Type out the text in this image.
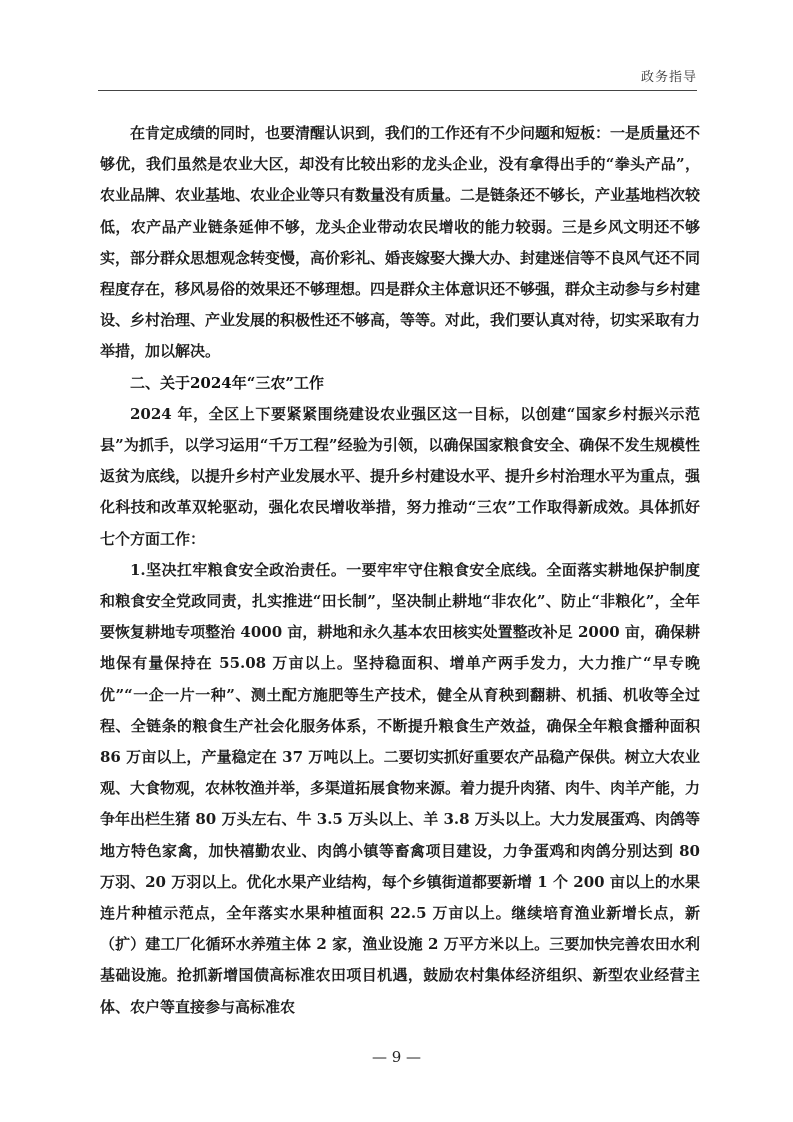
政务指导

在肯定成绩的同时，也要清醒认识到，我们的工作还有不少问题和短板：一是质量还不够优，我们虽然是农业大区，却没有比较出彩的龙头企业，没有拿得出手的“拳头产品”，农业品牌、农业基地、农业企业等只有数量没有质量。二是链条还不够长，产业基地档次较低，农产品产业链条延伸不够，龙头企业带动农民增收的能力较弱。三是乡风文明还不够实，部分群众思想观念转变慢，高价彩礼、婚丧嫁娶大操大办、封建迷信等不良风气还不同程度存在，移风易俗的效果还不够理想。四是群众主体意识还不够强，群众主动参与乡村建设、乡村治理、产业发展的积极性还不够高，等等。对此，我们要认真对待，切实采取有力举措，加以解决。

二、关于2024年“三农”工作

2024 年，全区上下要紧紧围绕建设农业强区这一目标，以创建“国家乡村振兴示范县”为抓手，以学习运用“千万工程”经验为引领，以确保国家粮食安全、确保不发生规模性返贫为底线，以提升乡村产业发展水平、提升乡村建设水平、提升乡村治理水平为重点，强化科技和改革双轮驱动，强化农民增收举措，努力推动“三农”工作取得新成效。具体抓好七个方面工作：

1.坚决扛牢粮食安全政治责任。一要牢牢守住粮食安全底线。全面落实耕地保护制度和粮食安全党政同责，扎实推进“田长制”，坚决制止耕地“非农化”、防止“非粮化”，全年要恢复耕地专项整治 4000 亩，耕地和永久基本农田核实处置整改补足 2000 亩，确保耕地保有量保持在 55.08 万亩以上。坚持稳面积、增单产两手发力，大力推广“早专晚优”“一企一片一种”、测土配方施肥等生产技术，健全从育秧到翻耕、机插、机收等全过程、全链条的粮食生产社会化服务体系，不断提升粮食生产效益，确保全年粮食播种面积 86 万亩以上，产量稳定在 37 万吨以上。二要切实抓好重要农产品稳产保供。树立大农业观、大食物观，农林牧渔并举，多渠道拓展食物来源。着力提升肉猪、肉牛、肉羊产能，力争年出栏生猪 80 万头左右、牛 3.5 万头以上、羊 3.8 万头以上。大力发展蛋鸡、肉鸽等地方特色家禽，加快禧勤农业、肉鸽小镇等畜禽项目建设，力争蛋鸡和肉鸽分别达到 80 万羽、20 万羽以上。优化水果产业结构，每个乡镇街道都要新增 1 个 200 亩以上的水果连片种植示范点，全年落实水果种植面积 22.5 万亩以上。继续培育渔业新增长点，新（扩）建工厂化循环水养殖主体 2 家，渔业设施 2 万平方米以上。三要加快完善农田水利基础设施。抢抓新增国债高标准农田项目机遇，鼓励农村集体经济组织、新型农业经营主体、农户等直接参与高标准农

— 9 —
